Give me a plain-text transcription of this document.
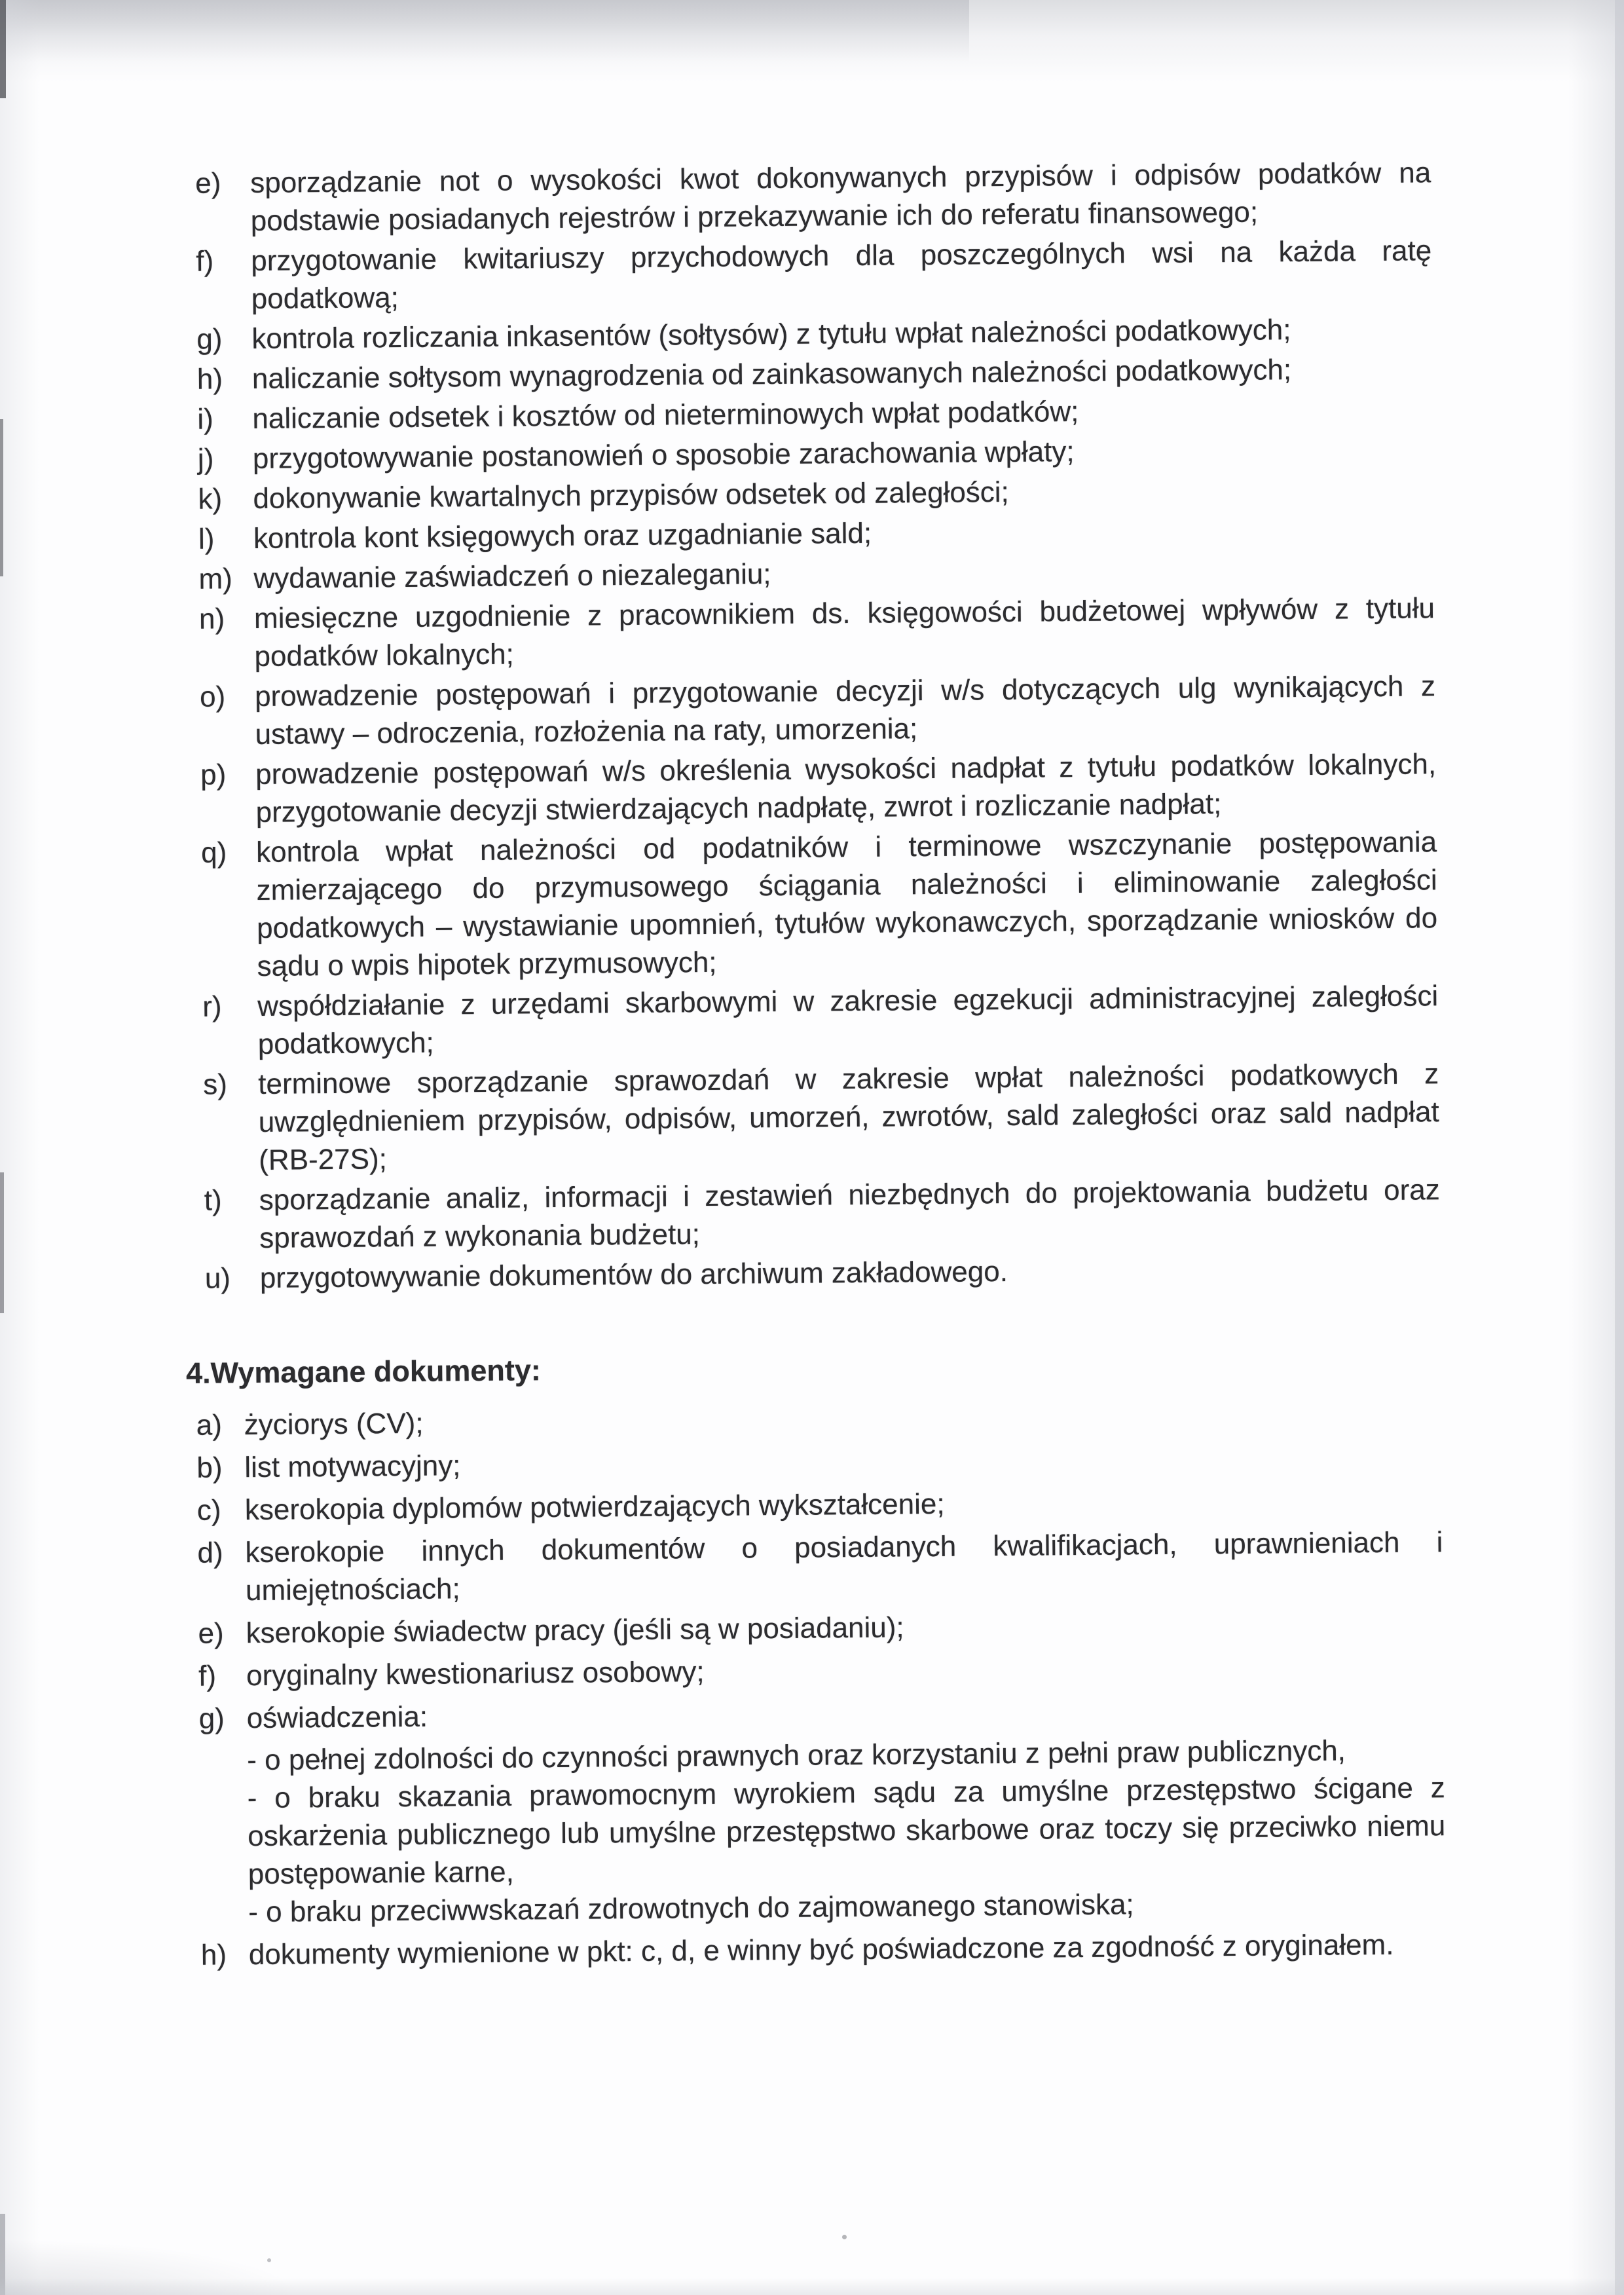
e)	sporządzanie not o wysokości kwot dokonywanych przypisów i odpisów podatków na podstawie posiadanych rejestrów i przekazywanie ich do referatu finansowego;
f)	przygotowanie kwitariuszy przychodowych dla poszczególnych wsi na każda ratę podatkową;
g)	kontrola rozliczania inkasentów (sołtysów) z tytułu wpłat należności podatkowych;
h)	naliczanie sołtysom wynagrodzenia od zainkasowanych należności podatkowych;
i)	naliczanie odsetek i kosztów od nieterminowych wpłat podatków;
j)	przygotowywanie postanowień o sposobie zarachowania wpłaty;
k)	dokonywanie kwartalnych przypisów odsetek od zaległości;
l)	kontrola kont księgowych oraz uzgadnianie sald;
m) wydawanie zaświadczeń o niezaleganiu;
n)	miesięczne uzgodnienie z pracownikiem ds. księgowości budżetowej wpływów z tytułu podatków lokalnych;
o)	prowadzenie postępowań i przygotowanie decyzji w/s dotyczących ulg wynikających z ustawy – odroczenia, rozłożenia na raty, umorzenia;
p)	prowadzenie postępowań w/s określenia wysokości nadpłat z tytułu podatków lokalnych, przygotowanie decyzji stwierdzających nadpłatę, zwrot i rozliczanie nadpłat;
q)	kontrola wpłat należności od podatników i terminowe wszczynanie postępowania zmierzającego do przymusowego ściągania należności i eliminowanie zaległości podatkowych – wystawianie upomnień, tytułów wykonawczych, sporządzanie wniosków do sądu o wpis hipotek przymusowych;
r)	współdziałanie z urzędami skarbowymi w zakresie egzekucji administracyjnej zaległości podatkowych;
s)	terminowe sporządzanie sprawozdań w zakresie wpłat należności podatkowych z uwzględnieniem przypisów, odpisów, umorzeń, zwrotów, sald zaległości oraz sald nadpłat (RB-27S);
t)	sporządzanie analiz, informacji i zestawień niezbędnych do projektowania budżetu oraz sprawozdań z wykonania budżetu;
u)	przygotowywanie dokumentów do archiwum zakładowego.
4.Wymagane dokumenty:
a) życiorys (CV);
b) list motywacyjny;
c) kserokopia dyplomów potwierdzających wykształcenie;
d) kserokopie innych dokumentów o posiadanych kwalifikacjach, uprawnieniach i umiejętnościach;
e) kserokopie świadectw pracy (jeśli są w posiadaniu);
f)	oryginalny kwestionariusz osobowy;
g) oświadczenia:
- o pełnej zdolności do czynności prawnych oraz korzystaniu z pełni praw publicznych,
- o braku skazania prawomocnym wyrokiem sądu za umyślne przestępstwo ścigane z oskarżenia publicznego lub umyślne przestępstwo skarbowe oraz toczy się przeciwko niemu postępowanie karne,
- o braku przeciwwskazań zdrowotnych do zajmowanego stanowiska;
h) dokumenty wymienione w pkt: c, d, e winny być poświadczone za zgodność z oryginałem.
